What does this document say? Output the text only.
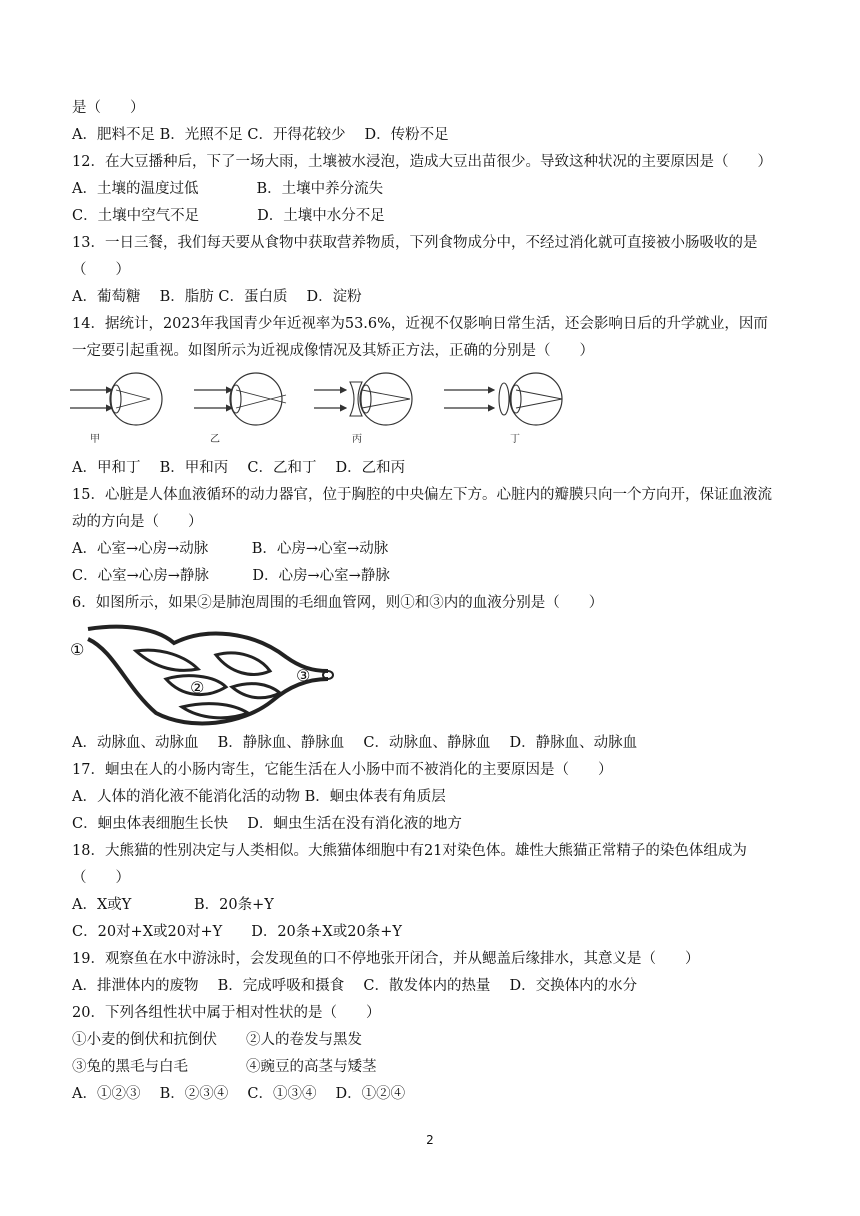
是（　　）
A．肥料不足 B．光照不足 C．开得花较少　 D．传粉不足
12．在大豆播种后，下了一场大雨，土壤被水浸泡，造成大豆出苗很少。导致这种状况的主要原因是（　　）
A．土壤的温度过低　　　　B．土壤中养分流失
C．土壤中空气不足　　　　D．土壤中水分不足
13．一日三餐，我们每天要从食物中获取营养物质，下列食物成分中，不经过消化就可直接被小肠吸收的是
（　　）
A．葡萄糖　 B．脂肪 C．蛋白质　 D．淀粉
14．据统计，2023年我国青少年近视率为53.6%，近视不仅影响日常生活，还会影响日后的升学就业，因而
一定要引起重视。如图所示为近视成像情况及其矫正方法，正确的分别是（　　）
甲	乙	丙	丁
A．甲和丁　 B．甲和丙　 C．乙和丁　 D．乙和丙
15．心脏是人体血液循环的动力器官，位于胸腔的中央偏左下方。心脏内的瓣膜只向一个方向开，保证血液流
动的方向是（　　）
A．心室→心房→动脉　　　B．心房→心室→动脉
C．心室→心房→静脉　　　D．心房→心室→静脉
6．如图所示，如果②是肺泡周围的毛细血管网，则①和③内的血液分别是（　　）
①
②
③
A．动脉血、动脉血　 B．静脉血、静脉血　 C．动脉血、静脉血　 D．静脉血、动脉血
17．蛔虫在人的小肠内寄生，它能生活在人小肠中而不被消化的主要原因是（　　）
A．人体的消化液不能消化活的动物 B．蛔虫体表有角质层
C．蛔虫体表细胞生长快　 D．蛔虫生活在没有消化液的地方
18．大熊猫的性别决定与人类相似。大熊猫体细胞中有21对染色体。雄性大熊猫正常精子的染色体组成为
（　　）
A．X或Y　　　　 B．20条+Y
C．20对+X或20对+Y　　D．20条+X或20条+Y
19．观察鱼在水中游泳时，会发现鱼的口不停地张开闭合，并从鳃盖后缘排水，其意义是（　　）
A．排泄体内的废物　 B．完成呼吸和摄食　 C．散发体内的热量　 D．交换体内的水分
20．下列各组性状中属于相对性状的是（　　）
①小麦的倒伏和抗倒伏　　②人的卷发与黑发
③兔的黑毛与白毛　　　　④豌豆的高茎与矮茎
A．①②③　 B．②③④　 C．①③④　 D．①②④
2
